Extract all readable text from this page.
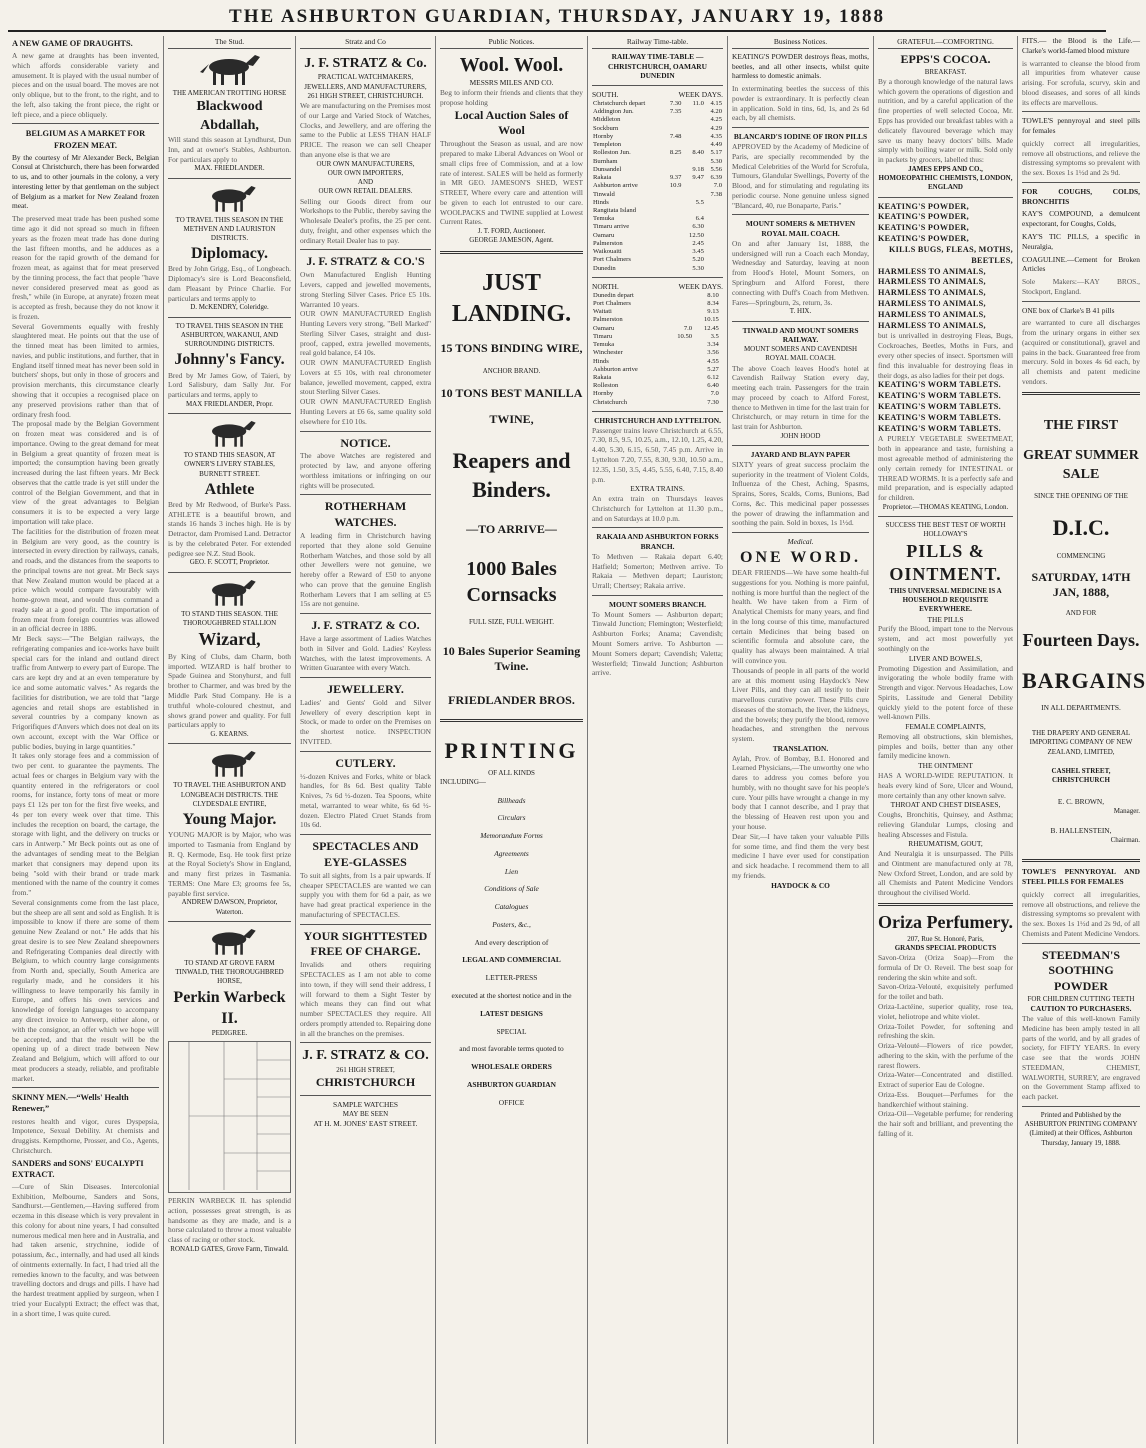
THE ASHBURTON GUARDIAN, THURSDAY, JANUARY 19, 1888
A NEW GAME OF DRAUGHTS.

A new game at draughts has been invented, which affords considerable variety and amusement. It is played with the usual number of pieces and on the usual board. The moves are not only oblique, but to the front, to the right, and to the left, also taking the front piece, the right or left piece, and a piece obliquely.

BELGIUM AS A MARKET FOR FROZEN MEAT.

By the courtesy of Mr Alexander Beck, Belgian Consul at Christchurch, there has been forwarded to us, and to other journals in the colony, a very interesting letter by that gentleman on the subject of Belgium as a market for New Zealand frozen meat.

The preserved meat trade has been pushed some time ago it did not spread so much in fifteen years as the frozen meat trade has done during the last fifteen months, and he adduces as a reason for the rapid growth of the demand for frozen meat, as against that for meat preserved by the tinning process, the fact that people "have never considered preserved meat as good as fresh," while (in Europe, at anyrate) frozen meat is accepted as fresh, because they do not know it is frozen.

Several Governments equally with freshly slaughtered meat. He points out that the use of the tinned meat has been limited to armies, navies, and public institutions, and further, that in England itself tinned meat has never been sold in butchers' shops, but only in those of grocers and provision merchants, this circumstance clearly showing that it occupies a recognised place on any preserved provisions rather than that of ordinary fresh food.

The proposal made by the Belgian Government on frozen meat was considered and is of importance. Owing to the great demand for meat in Belgium a great quantity of frozen meat is imported; the consumption having been greatly increased during the last fifteen years. Mr Beck observes that the cattle trade is yet still under the control of the Belgian Government, and that in view of the great advantages to Belgian consumers it is to be expected a very large importation will take place.

The facilities for the distribution of frozen meat in Belgium are very good, as the country is intersected in every direction by railways, canals, and roads, and the distances from the seaports to the principal towns are not great. Mr Beck says that New Zealand mutton would be placed at a price which would compare favourably with home-grown meat, and would thus command a ready sale at a good profit. The importation of frozen meat from foreign countries was allowed in an official decree in 1886.

Mr Beck says:—"The Belgian railways, the refrigerating companies and ice-works have built special cars for the inland and outland direct traffic from Antwerp to every part of Europe. The cars are kept dry and at an even temperature by ice and some automatic valves." As regards the facilities for distribution, we are told that "large agencies and retail shops are established in several countries by a company known as Frigorifiques d'Anvers which does not deal on its own account, except with the War Office or public bodies, buying in large quantities."

It takes only storage fees and a commission of two per cent. to guarantee the payments. The actual fees or charges in Belgium vary with the quantity entered in the refrigerators or cool rooms, for instance, forty tons of meat or more pays £1 12s per ton for the first five weeks, and 4s per ton every week over that time. This includes the reception on board, the cartage, the storage with light, and the delivery on trucks or cars in Antwerp." Mr Beck points out as one of the advantages of sending meat to the Belgian market that consigners may depend upon its being "sold with their brand or trade mark mentioned with the name of the country it comes from."

Several consignments come from the last place, but the sheep are all sent and sold as English. It is impossible to know if there are some of them genuine New Zealand or not." He adds that his great desire is to see New Zealand sheepowners and Refrigerating Companies deal directly with Belgium, to which country large consignments from North and, specially, South America are regularly made, and he considers it his willingness to leave temporarily his family in Europe, and offers his own services and knowledge of foreign languages to accompany any direct invoice to Antwerp, either alone, or with the consignor, an offer which we hope will be accepted, and that the result will be the opening up of a direct trade between New Zealand and Belgium, which will afford to our meat producers a steady, reliable, and profitable market.

SKINNY MEN.—“Wells' Health Renewer,”

restores health and vigor, cures Dyspepsia, Impotence, Sexual Debility. At chemists and druggists. Kempthorne, Prosser, and Co., Agents, Christchurch.

SANDERS and SONS' EUCALYPTI EXTRACT.

—Cure of Skin Diseases. Intercolonial Exhibition, Melbourne, Sanders and Sons, Sandhurst.—Gentlemen,—Having suffered from eczema in this disease which is very prevalent in this colony for about nine years, I had consulted numerous medical men here and in Australia, and had taken arsenic, strychnine, iodide of potassium, &c., internally, and had used all kinds of ointments externally. In fact, I had tried all the remedies known to the faculty, and was between travelling doctors and drugs and pills. I have had the hardest treatment applied by surgeon, when I tried your Eucalypti Extract; the effect was that, in a short time, I was quite cured.

The Stud.
THE AMERICAN TROTTING HORSE
Blackwood Abdallah,

Will stand this season at Lyndhurst, Dun Inn, and at owner's Stables, Ashburton. For particulars apply to

MAX. FRIEDLANDER.
TO TRAVEL THIS SEASON IN THE METHVEN AND LAURISTON DISTRICTS.
Diplomacy.

Bred by John Grigg, Esq., of Longbeach. Diplomacy's sire is Lord Beaconsfield, dam Pleasant by Prince Charlie. For particulars and terms apply to

D. McKENDRY, Coleridge.
TO TRAVEL THIS SEASON IN THE ASHBURTON, WAKANUI, AND SURROUNDING DISTRICTS.
Johnny's Fancy.

Bred by Mr James Gow, of Taieri, by Lord Salisbury, dam Sally Jnr. For particulars and terms, apply to

MAX FRIEDLANDER, Propr.
TO STAND THIS SEASON, AT OWNER'S LIVERY STABLES, BURNETT STREET.
Athlete

Bred by Mr Redwood, of Burke's Pass. ATHLETE is a beautiful brown, and stands 16 hands 3 inches high. He is by Detractor, dam Promised Land. Detractor is by the celebrated Peter. For extended pedigree see N.Z. Stud Book.

GEO. F. SCOTT, Proprietor.
TO STAND THIS SEASON. THE THOROUGHBRED STALLION
Wizard,

By King of Clubs, dam Charm, both imported. WIZARD is half brother to Spade Guinea and Stonyhurst, and full brother to Charmer, and was bred by the Middle Park Stud Company. He is a truthful whole-coloured chestnut, and shows grand power and quality. For full particulars apply to

G. KEARNS.
TO TRAVEL THE ASHBURTON AND LONGBEACH DISTRICTS. THE CLYDESDALE ENTIRE,
Young Major.

YOUNG MAJOR is by Major, who was imported to Tasmania from England by R. Q. Kermode, Esq. He took first prize at the Royal Society's Show in England, and many first prizes in Tasmania. TERMS: One Mare £3; grooms fee 5s, payable first service.

ANDREW DAWSON, Proprietor, Waterton.
TO STAND AT GROVE FARM TINWALD, THE THOROUGHBRED HORSE,
Perkin Warbeck II.
PEDIGREE.

PERKIN WARBECK II. has splendid action, possesses great strength, is as handsome as they are made, and is a horse calculated to throw a most valuable class of racing or other stock.

RONALD GATES, Grove Farm, Tinwald.
Stratz and Co
J. F. STRATZ & Co.
PRACTICAL WATCHMAKERS, JEWELLERS, AND MANUFACTURERS,
261 HIGH STREET, CHRISTCHURCH.

We are manufacturing on the Premises most of our Large and Varied Stock of Watches, Clocks, and Jewellery, and are offering the same to the Public at LESS THAN HALF PRICE. The reason we can sell Cheaper than anyone else is that we are

OUR OWN MANUFACTURERS,
OUR OWN IMPORTERS,
AND
OUR OWN RETAIL DEALERS.

Selling our Goods direct from our Workshops to the Public, thereby saving the Wholesale Dealer's profits, the 25 per cent. duty, freight, and other expenses which the ordinary Retail Dealer has to pay.

J. F. STRATZ & CO.'S

Own Manufactured English Hunting Levers, capped and jewelled movements, strong Sterling Silver Cases. Price £5 10s. Warranted 10 years.

OUR OWN MANUFACTURED English Hunting Levers very strong, "Bell Marked" Sterling Silver Cases, straight and dust-proof, capped, extra jewelled movements, real gold balance, £4 10s.

OUR OWN MANUFACTURED English Lovers at £5 10s, with real chronometer balance, jewelled movement, capped, extra stout Sterling Silver Cases.

OUR OWN MANUFACTURED English Hunting Levers at £6 6s, same quality sold elsewhere for £10 10s.

NOTICE.

The above Watches are registered and protected by law, and anyone offering worthless imitations or infringing on our rights will be prosecuted.

ROTHERHAM WATCHES.

A leading firm in Christchurch having reported that they alone sold Genuine Rotherham Watches, and those sold by all other Jewellers were not genuine, we hereby offer a Reward of £50 to anyone who can prove that the genuine English Rotherham Levers that I am selling at £5 15s are not genuine.

J. F. STRATZ & CO.

Have a large assortment of Ladies Watches both in Silver and Gold. Ladies' Keyless Watches, with the latest improvements. A Written Guarantee with every Watch.

JEWELLERY.

Ladies' and Gents' Gold and Silver Jewellery of every description kept in Stock, or made to order on the Premises on the shortest notice. INSPECTION INVITED.

CUTLERY.

½-dozen Knives and Forks, white or black handles, for 8s 6d. Best quality Table Knives, 7s 6d ½-dozen. Tea Spoons, white metal, warranted to wear white, 6s 6d ½-dozen. Electro Plated Cruet Stands from 10s 6d.

SPECTACLES AND EYE-GLASSES

To suit all sights, from 1s a pair upwards. If cheaper SPECTACLES are wanted we can supply you with them for 6d a pair, as we have had great practical experience in the manufacturing of SPECTACLES.

YOUR SIGHTTESTED FREE OF CHARGE.

Invalids and others requiring SPECTACLES as I am not able to come into town, if they will send their address, I will forward to them a Sight Tester by which means they can find out what number SPECTACLES they require. All orders promptly attended to. Repairing done in all the branches on the premises.

J. F. STRATZ & CO.
261 HIGH STREET,
CHRISTCHURCH
SAMPLE WATCHES
MAY BE SEEN
AT H. M. JONES' EAST STREET.
Public Notices.
Wool. Wool.
MESSRS MILES AND CO.

Beg to inform their friends and clients that they propose holding

Local Auction Sales of Wool

Throughout the Season as usual, and are now prepared to make Liberal Advances on Wool or small clips free of Commission, and at a low rate of interest. SALES will be held as formerly in MR GEO. JAMESON'S SHED, WEST STREET, Where every care and attention will be given to each lot entrusted to our care. WOOLPACKS and TWINE supplied at Lowest Current Rates.

J. T. FORD, Auctioneer.
GEORGE JAMESON, Agent.
JUST LANDING.
15 TONS BINDING WIRE,
ANCHOR BRAND.
10 TONS BEST MANILLA
TWINE,
Reapers and Binders.
—TO ARRIVE—
1000 Bales Cornsacks
FULL SIZE, FULL WEIGHT.
10 Bales Superior Seaming Twine.
FRIEDLANDER BROS.
PRINTING
OF ALL KINDS
INCLUDING—
Billheads
Circulars
Memorandum Forms
Agreements
Lien
Conditions of Sale
Catalogues
Posters, &c.,
And every description of
LEGAL AND COMMERCIAL
LETTER-PRESS
executed at the shortest notice and in the
LATEST DESIGNS
SPECIAL
and most favorable terms quoted to
WHOLESALE ORDERS
ASHBURTON GUARDIAN
OFFICE
Railway Time-table.
RAILWAY TIME-TABLE — CHRISTCHURCH, OAMARU DUNEDIN
SOUTH.	WEEK DAYS.
Christchurch depart	7.30	11.0	4.15
Addington Jun.	7.35		4.20
Middleton			4.25
Sockburn			4.29
Hornby	7.48		4.35
Templeton			4.49
Rolleston Jun.	8.25	8.40	5.17
Burnham			5.30
Dunsandel		9.18	5.56
Rakaia	9.37	9.47	6.39
Ashburton arrive	10.9		7.0
Tinwald			7.38
Hinds		5.5	
Rangitata Island			
Temuka		6.4	
Timaru arrive		6.30	
Oamaru		12.50	
Palmerston		2.45	
Waikouaiti		3.45	
Port Chalmers		5.20	
Dunedin		5.30	
NORTH.	WEEK DAYS.
Dunedin depart		8.10	
Port Chalmers		8.34	
Waitati		9.13	
Palmerston		10.15	
Oamaru	7.0	12.45	
Timaru	10.50	3.5	
Temuka		3.34	
Winchester		3.56	
Hinds		4.55	
Ashburton arrive		5.27	
Rakaia		6.12	
Rolleston		6.40	
Hornby		7.0	
Christchurch		7.30	
CHRISTCHURCH AND LYTTELTON.

Passenger trains leave Christchurch at 6.55, 7.30, 8.5, 9.5, 10.25, a.m., 12.10, 1.25, 4.20, 4.40, 5.30, 6.15, 6.50, 7.45 p.m. Arrive in Lyttelton 7.20, 7.55, 8.30, 9.30, 10.50 a.m., 12.35, 1.50, 3.5, 4.45, 5.55, 6.40, 7.15, 8.40 p.m.

EXTRA TRAINS.

An extra train on Thursdays leaves Christchurch for Lyttelton at 11.30 p.m., and on Saturdays at 10.0 p.m.

RAKAIA AND ASHBURTON FORKS BRANCH.

To Methven — Rakaia depart 6.40; Hatfield; Somerton; Methven arrive. To Rakaia — Methven depart; Lauriston; Urrall; Chertsey; Rakaia arrive.

MOUNT SOMERS BRANCH.

To Mount Somers — Ashburton depart; Tinwald Junction; Flemington; Westerfield; Ashburton Forks; Anama; Cavendish; Mount Somers arrive. To Ashburton — Mount Somers depart; Cavendish; Valetta; Westerfield; Tinwald Junction; Ashburton arrive.

Business Notices.

KEATING'S POWDER destroys fleas, moths, beetles, and all other insects, whilst quite harmless to domestic animals.

In exterminating beetles the success of this powder is extraordinary. It is perfectly clean in application. Sold in tins, 6d, 1s, and 2s 6d each, by all chemists.

BLANCARD'S IODINE OF IRON PILLS

APPROVED by the Academy of Medicine of Paris, are specially recommended by the Medical Celebrities of the World for Scrofula, Tumours, Glandular Swellings, Poverty of the Blood, and for stimulating and regulating its periodic course. None genuine unless signed "Blancard, 40, rue Bonaparte, Paris."

MOUNT SOMERS & METHVEN ROYAL MAIL COACH.

On and after January 1st, 1888, the undersigned will run a Coach each Monday, Wednesday and Saturday, leaving at noon from Hood's Hotel, Mount Somers, on Springburn and Alford Forest, there connecting with Duff's Coach from Methven. Fares—Springburn, 2s, return, 3s.

T. HIX.
TINWALD AND MOUNT SOMERS RAILWAY.
MOUNT SOMERS AND CAVENDISH ROYAL MAIL COACH.

The above Coach leaves Hood's hotel at Cavendish Railway Station every day, meeting each train. Passengers for the train may proceed by coach to Alford Forest, thence to Methven in time for the last train for Christchurch, or may return in time for the last train for Ashburton.

JOHN HOOD
JAYARD AND BLAYN PAPER

SIXTY years of great success proclaim the superiority in the treatment of Violent Colds, Influenza of the Chest, Aching, Spasms, Sprains, Sores, Scalds, Corns, Bunions, Bad Corns, &c. This medicinal paper possesses the power of drawing the inflammation and soothing the pain. Sold in boxes, 1s 1½d.

Medical.
ONE WORD.

DEAR FRIENDS—We have some health-ful suggestions for you. Nothing is more painful, nothing is more hurtful than the neglect of the health. We have taken from a Firm of Analytical Chemists for many years, and find in the long course of this time, manufactured certain Medicines that being based on scientific formula and absolute care, the quality has always been maintained. A trial will convince you.

Thousands of people in all parts of the world are at this moment using Haydock's New Liver Pills, and they can all testify to their marvellous curative power. These Pills cure diseases of the stomach, the liver, the kidneys, and the bowels; they purify the blood, remove headaches, and strengthen the nervous system.

TRANSLATION.

Aylah, Prov. of Bombay, B.I. Honored and Learned Physicians,—The unworthy one who dares to address you comes before you humbly, with no thought save for his people's cure. Your pills have wrought a change in my body that I cannot describe, and I pray that the blessing of Heaven rest upon you and your house.

Dear Sir,—I have taken your valuable Pills for some time, and find them the very best medicine I have ever used for constipation and sick headache. I recommend them to all my friends.

HAYDOCK & CO
GRATEFUL—COMFORTING.
EPPS'S COCOA.
BREAKFAST.

By a thorough knowledge of the natural laws which govern the operations of digestion and nutrition, and by a careful application of the fine properties of well selected Cocoa, Mr. Epps has provided our breakfast tables with a delicately flavoured beverage which may save us many heavy doctors' bills. Made simply with boiling water or milk. Sold only in packets by grocers, labelled thus:

JAMES EPPS AND CO., HOMOEOPATHIC CHEMISTS, LONDON, ENGLAND
KEATING'S POWDER,
KEATING'S POWDER,
KEATING'S POWDER,
KEATING'S POWDER,
KILLS BUGS, FLEAS, MOTHS, BEETLES,
HARMLESS TO ANIMALS,
HARMLESS TO ANIMALS,
HARMLESS TO ANIMALS,
HARMLESS TO ANIMALS,
HARMLESS TO ANIMALS,
HARMLESS TO ANIMALS,

but is unrivalled in destroying Fleas, Bugs, Cockroaches, Beetles, Moths in Furs, and every other species of insect. Sportsmen will find this invaluable for destroying fleas in their dogs, as also ladies for their pet dogs.

KEATING'S WORM TABLETS.
KEATING'S WORM TABLETS.
KEATING'S WORM TABLETS.
KEATING'S WORM TABLETS.
KEATING'S WORM TABLETS.

A PURELY VEGETABLE SWEETMEAT, both in appearance and taste, furnishing a most agreeable method of administering the only certain remedy for INTESTINAL or THREAD WORMS. It is a perfectly safe and mild preparation, and is especially adapted for children.

Proprietor.—THOMAS KEATING, London.
SUCCESS THE BEST TEST OF WORTH
HOLLOWAY'S
PILLS & OINTMENT.
THIS UNIVERSAL MEDICINE IS A HOUSEHOLD REQUISITE EVERYWHERE.
THE PILLS

Purify the Blood, impart tone to the Nervous system, and act most powerfully yet soothingly on the

LIVER AND BOWELS,

Promoting Digestion and Assimilation, and invigorating the whole bodily frame with Strength and vigor. Nervous Headaches, Low Spirits, Lassitude and General Debility quickly yield to the potent force of these well-known Pills.

FEMALE COMPLAINTS,

Removing all obstructions, skin blemishes, pimples and boils, better than any other family medicine known.

THE OINTMENT

HAS A WORLD-WIDE REPUTATION. It heals every kind of Sore, Ulcer and Wound, more certainly than any other known salve.

THROAT AND CHEST DISEASES,

Coughs, Bronchitis, Quinsey, and Asthma; relieving Glandular Lumps, closing and healing Abscesses and Fistula.

RHEUMATISM, GOUT,

And Neuralgia it is unsurpassed. The Pills and Ointment are manufactured only at 78, New Oxford Street, London, and are sold by all Chemists and Patent Medicine Vendors throughout the civilised World.

Oriza Perfumery.
207, Rue St. Honoré, Paris,
GRANDS SPECIAL PRODUCTS

Savon-Oriza (Oriza Soap)—From the formula of Dr O. Reveil. The best soap for rendering the skin white and soft.

Savon-Oriza-Velouté, exquisitely perfumed for the toilet and bath.

Oriza-Lactéine, superior quality, rose tea, violet, heliotrope and white violet.

Oriza-Toilet Powder, for softening and refreshing the skin.

Oriza-Velouté—Flowers of rice powder, adhering to the skin, with the perfume of the rarest flowers.

Oriza-Water—Concentrated and distilled. Extract of superior Eau de Cologne.

Oriza-Ess. Bouquet—Perfumes for the handkerchief without staining.

Oriza-Oil—Vegetable perfume; for rendering the hair soft and brilliant, and preventing the falling of it.

FITS.— the Blood is the Life.—Clarke's world-famed blood mixture

is warranted to cleanse the blood from all impurities from whatever cause arising. For scrofula, scurvy, skin and blood diseases, and sores of all kinds its effects are marvellous.

TOWLE'S pennyroyal and steel pills for females

quickly correct all irregularities, remove all obstructions, and relieve the distressing symptoms so prevalent with the sex. Boxes 1s 1½d and 2s 9d.

FOR COUGHS, COLDS, BRONCHITIS

KAY'S COMPOUND, a demulcent expectorant, for Coughs, Colds,

KAY'S TIC PILLS, a specific in Neuralgia,

COAGULINE.—Cement for Broken Articles

Sole Makers:—KAY BROS., Stockport, England.

ONE box of Clarke's B 41 pills

are warranted to cure all discharges from the urinary organs in either sex (acquired or constitutional), gravel and pains in the back. Guaranteed free from mercury. Sold in boxes 4s 6d each, by all chemists and patent medicine vendors.

THE FIRST
GREAT SUMMER SALE
SINCE THE OPENING OF THE
D.I.C.
COMMENCING
SATURDAY, 14TH JAN, 1888,
AND FOR
Fourteen Days.
BARGAINS
IN ALL DEPARTMENTS.
THE DRAPERY AND GENERAL IMPORTING COMPANY OF NEW ZEALAND, LIMITED,
CASHEL STREET, CHRISTCHURCH
E. C. BROWN,
Manager.
B. HALLENSTEIN,
Chairman.

TOWLE'S PENNYROYAL AND STEEL PILLS FOR FEMALES

quickly correct all irregularities, remove all obstructions, and relieve the distressing symptoms so prevalent with the sex. Boxes 1s 1½d and 2s 9d, of all Chemists and Patent Medicine Vendors.

STEEDMAN'S SOOTHING POWDER
FOR CHILDREN CUTTING TEETH
CAUTION TO PURCHASERS.

The value of this well-known Family Medicine has been amply tested in all parts of the world, and by all grades of society, for FIFTY YEARS. In every case see that the words JOHN STEEDMAN, CHEMIST, WALWORTH, SURREY, are engraved on the Government Stamp affixed to each packet.

Printed and Published by the ASHBURTON PRINTING COMPANY (Limited) at their Offices, Ashburton
Thursday, January 19, 1888.
